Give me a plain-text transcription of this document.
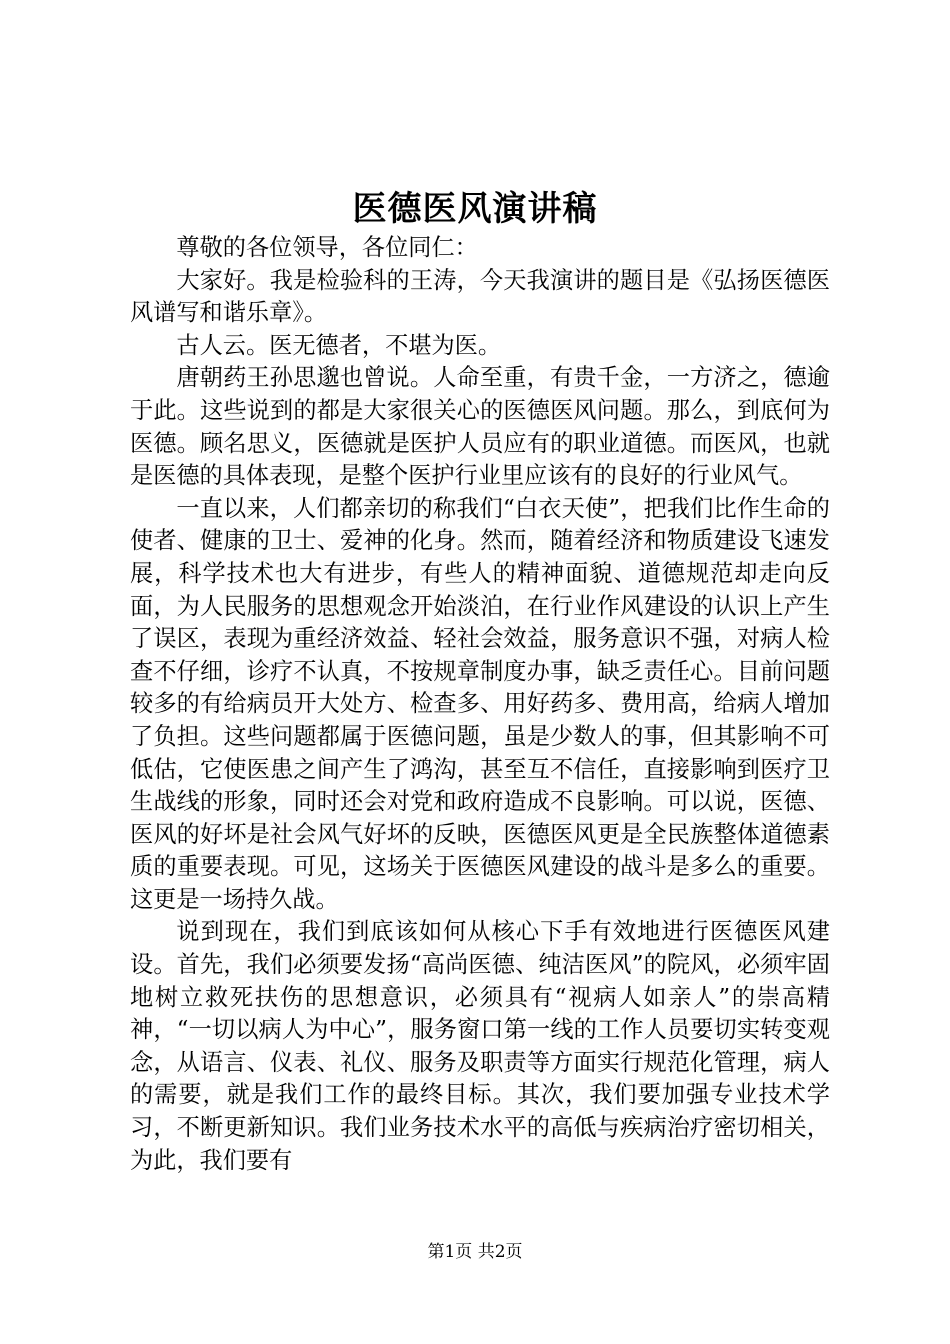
医德医风演讲稿

尊敬的各位领导，各位同仁：

大家好。我是检验科的王涛，今天我演讲的题目是《弘扬医德医风谱写和谐乐章》。

古人云。医无德者，不堪为医。

唐朝药王孙思邈也曾说。人命至重，有贵千金，一方济之，德逾于此。这些说到的都是大家很关心的医德医风问题。那么，到底何为医德。顾名思义，医德就是医护人员应有的职业道德。而医风，也就是医德的具体表现，是整个医护行业里应该有的良好的行业风气。

一直以来，人们都亲切的称我们“白衣天使”，把我们比作生命的使者、健康的卫士、爱神的化身。然而，随着经济和物质建设飞速发展，科学技术也大有进步，有些人的精神面貌、道德规范却走向反面，为人民服务的思想观念开始淡泊，在行业作风建设的认识上产生了误区，表现为重经济效益、轻社会效益，服务意识不强，对病人检查不仔细，诊疗不认真，不按规章制度办事，缺乏责任心。目前问题较多的有给病员开大处方、检查多、用好药多、费用高，给病人增加了负担。这些问题都属于医德问题，虽是少数人的事，但其影响不可低估，它使医患之间产生了鸿沟，甚至互不信任，直接影响到医疗卫生战线的形象，同时还会对党和政府造成不良影响。可以说，医德、医风的好坏是社会风气好坏的反映，医德医风更是全民族整体道德素质的重要表现。可见，这场关于医德医风建设的战斗是多么的重要。这更是一场持久战。

说到现在，我们到底该如何从核心下手有效地进行医德医风建设。首先，我们必须要发扬“高尚医德、纯洁医风”的院风，必须牢固地树立救死扶伤的思想意识，必须具有“视病人如亲人”的崇高精神，“一切以病人为中心”，服务窗口第一线的工作人员要切实转变观念，从语言、仪表、礼仪、服务及职责等方面实行规范化管理，病人的需要，就是我们工作的最终目标。其次，我们要加强专业技术学习，不断更新知识。我们业务技术水平的高低与疾病治疗密切相关，为此，我们要有

第1页 共2页
